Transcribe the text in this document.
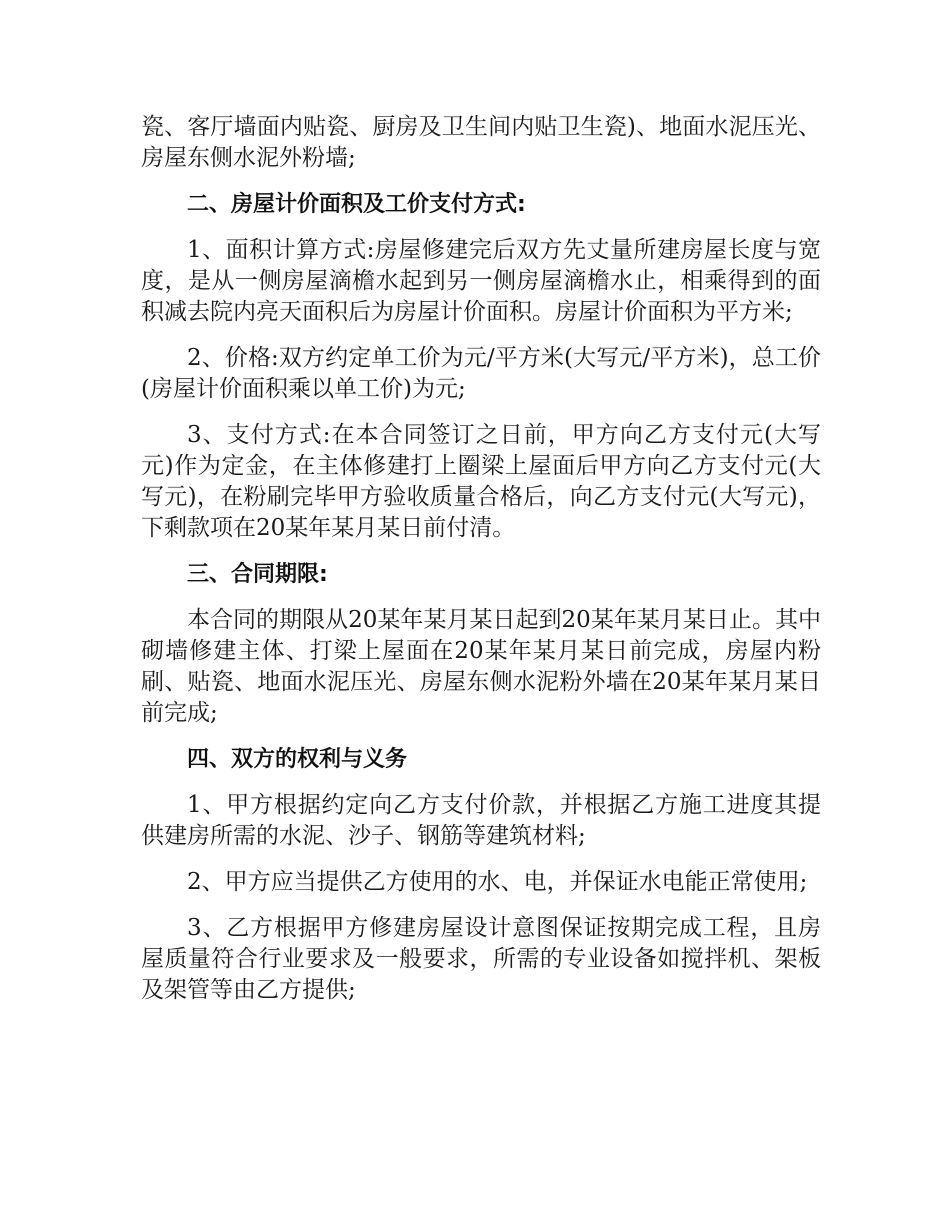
瓷、客厅墙面内贴瓷、厨房及卫生间内贴卫生瓷)、地面水泥压光、房屋东侧水泥外粉墙;

二、房屋计价面积及工价支付方式:

1、面积计算方式:房屋修建完后双方先丈量所建房屋长度与宽度，是从一侧房屋滴檐水起到另一侧房屋滴檐水止，相乘得到的面积减去院内亮天面积后为房屋计价面积。房屋计价面积为平方米;

2、价格:双方约定单工价为元/平方米(大写元/平方米)，总工价(房屋计价面积乘以单工价)为元;

3、支付方式:在本合同签订之日前，甲方向乙方支付元(大写元)作为定金，在主体修建打上圈梁上屋面后甲方向乙方支付元(大写元)，在粉刷完毕甲方验收质量合格后，向乙方支付元(大写元)，下剩款项在20某年某月某日前付清。

三、合同期限:

本合同的期限从20某年某月某日起到20某年某月某日止。其中砌墙修建主体、打梁上屋面在20某年某月某日前完成，房屋内粉刷、贴瓷、地面水泥压光、房屋东侧水泥粉外墙在20某年某月某日前完成;

四、双方的权利与义务

1、甲方根据约定向乙方支付价款，并根据乙方施工进度其提供建房所需的水泥、沙子、钢筋等建筑材料;

2、甲方应当提供乙方使用的水、电，并保证水电能正常使用;

3、乙方根据甲方修建房屋设计意图保证按期完成工程，且房屋质量符合行业要求及一般要求，所需的专业设备如搅拌机、架板及架管等由乙方提供;
